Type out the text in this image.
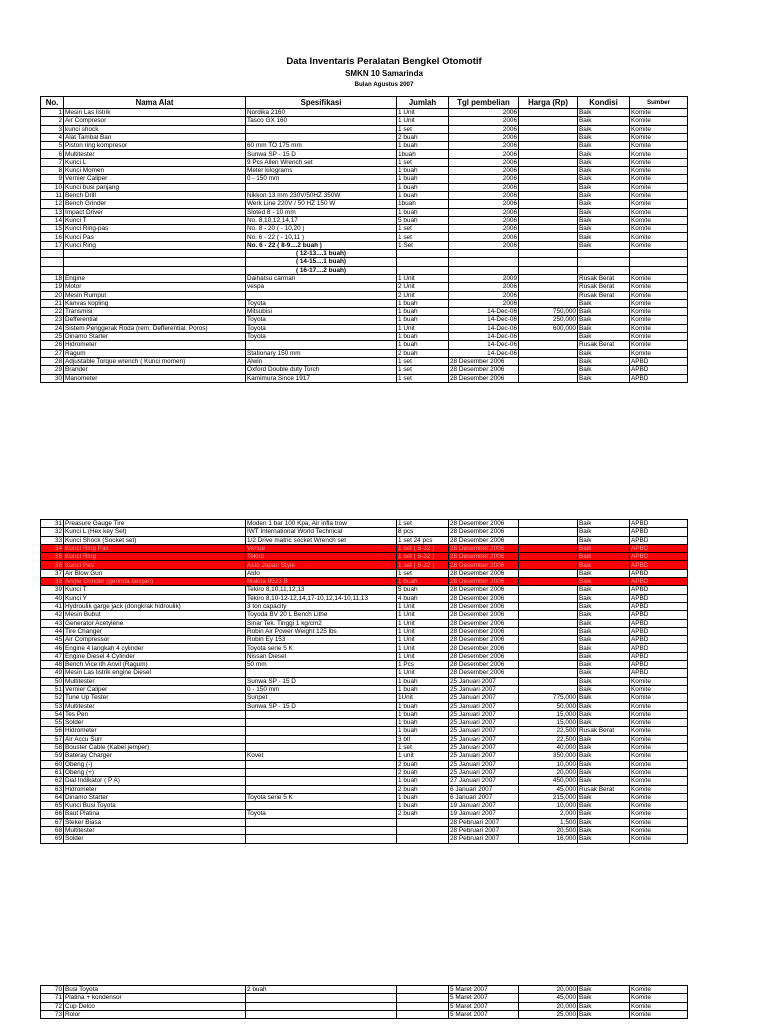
Data Inventaris Peralatan Bengkel Otomotif
SMKN 10 Samarinda
Bulan Agustus 2007
No.	Nama Alat	Spesifikasi	Jumlah	Tgl pembelian	Harga (Rp)	Kondisi	Sumber
1	Mesin Las listrik	Nordika 2160	1 Unit	2006		Baik	Komite
2	Air Compresor	Tasco GX 160	1 Unit	2006		Baik	Komite
3	kunci shock		1 set	2006		Baik	Komite
4	Alat Tambal Ban		2 buah	2006		Baik	Komite
5	Piston ring kompresor	60 mm TO 175 mm	1 buah	2006		Baik	Komite
6	Multitester	Sunwa SP - 15 D	1buah	2006		Baik	Komite
7	Kunci L	9 Pcs Allen Wrench set	1 set	2006		Baik	Komite
8	Kunci Momen	Meter kilograms	1 buah	2006		Baik	Komite
9	Vernier Caliper	0 - 150 mm	1 buah	2006		Baik	Komite
10	Kunci busi panjang		1 buah	2006		Baik	Komite
11	Bench Drill	Nikkon 13 mm 230V/50HZ 350W	1 buah	2006		Baik	Komite
12	Bench Grinder	Werk Line 220V / 50 HZ 150 W	1buah	2006		Baik	Komite
13	Impact Driver	Sloted 8 - 10 mm	1 buah	2006		Baik	Komite
14	Kunci T	No. 8,10,12,14,17	5 buah	2006		Baik	Komite
15	Kunci Ring-pas	No. 8 - 20 ( - 10,20 )	1 set	2006		Baik	Komite
16	Kunci Pas	No. 6 - 22 ( - 10,11 )	1 set	2006		Baik	Komite
17	Kunci Ring	No. 6 - 22 ( 8-9....2 buah )	1 Set	2006		Baik	Komite
		( 12-13....1 buah)					
		( 14-15....1 buah)					
		( 16-17....2 buah)					
18	Engine	Daihatsu carman	1 Unit	2009		Rusak Berat	Komite
19	Motor	vespa	2 Unit	2006		Rusak Berat	Komite
20	Mesin Rumput		2 Unit	2006		Rusak Berat	Komite
21	Kanvas kopling	Toyota	1 buah	2006		Baik	Komite
22	Transmisi	Mitsubisi	1 buah	14-Dec-06	750,000	Baik	Komite
23	Defferential	Toyota	1 buah	14-Dec-06	250,000	Baik	Komite
24	Sistem Penggerak Roda (rem. Defferential. Poros)	Toyota	1 Unit	14-Dec-06	600,000	Baik	Komite
25	Dinamo Starter	Toyota	1 buah	14-Dec-06		Baik	Komite
26	Hidrometer		1 buah	14-Dec-06		Rusak Berat	Komite
27	Ragum	Stationary 150 mm	2 buah	14-Dec-06		Baik	Komite
28	Adjustable Torque wrench ( Kunci momen)	Alwin	1 set	28 Desember 2006		Baik	APBD
29	Brander	Oxford Double duty Torch	1 set	28 Desember 2006		Baik	APBD
30	Manometer	Kamimura Since 1917	1 set	28 Desember 2006		Baik	APBD
31	Preasure Gauge Tire	Moden 1 bar 100 Kpa, Air infla trow	1 set	28 Desember 2006		Baik	APBD
32	Kunci L (Hex key Set)	IWT International World Technical	8 pcs	28 Desember 2006		Baik	APBD
33	Kunci Shock (Socket set)	1/2 Drive matric socket Wrench set	1 set 24 pcs	28 Desember 2006		Baik	APBD
34	Kunci Ring Pas	Venue	1 set ( 8-32 )	28 Desember 2006		Baik	APBD
35	Kunci Ring	Tekiro	1 set ( 6-32 )	28 Desember 2006		Baik	APBD
36	Kunci Pas	Asto Japan Style	1 set ( 6-32 )	28 Desember 2006		Baik	APBD
37	Air Blow Gun	Aldo	1 set	28 Desember 2006		Baik	APBD
38	Angle Grinder (gerinda tangan)	Makita 9523 B	1 buah	28 Desember 2006		Baik	APBD
39	Kunci T	Tekiro 8,10,11,12,13	5 buah	28 Desember 2006		Baik	APBD
40	Kunci Y	Tekiro 8,10-12-12,14,17-10,12,14-10,11,13	4 buah	28 Desember 2006		Baik	APBD
41	Hydroulik garge jack (dongkrak hidroulik)	3 ton capacity	1 Unit	28 Desember 2006		Baik	APBD
42	Mesin Bubut	Toyoda BV 20 L Bench Lithe	1 Unit	28 Desember 2006		Baik	APBD
43	Generator Acetylene	Sinar Tek. Tinggi 1 kg/cm2	1 Unit	28 Desember 2006		Baik	APBD
44	Tire Changer	Robin Air Power Weight 125 lbs	1 Unit	28 Desember 2006		Baik	APBD
45	Air Compressor	Robin Ey 153	1 Unit	28 Desember 2006		Baik	APBD
46	Engine 4 langkah 4 cylinder	Toyota serie 5 K	1 Unit	28 Desember 2006		Baik	APBD
47	Engine Diesel 4 Cylinder	Nissan Diesel	1 Unit	28 Desember 2006		Baik	APBD
48	Bench Vice ith Anvil (Ragum)	50 mm	1 Pcs	28 Desember 2006		Baik	APBD
49	Mesin Las listrik engine Diesel		1 Unit	28 Desember 2006		Baik	APBD
50	Multitester	Sunwa SP - 15 D	1 buah	25 Januari 2007		Baik	Komite
51	Vernier Caliper	0 - 150 mm	1 buah	25 Januari 2007		Baik	Komite
52	Tune Up Tester	Sunpet	1Unit	25 Januari 2007	775,000	Baik	Komite
53	Multitester	Sunwa SP - 15 D	1 buah	25 Januari 2007	50,000	Baik	Komite
54	Tes Pen		1 buah	25 Januari 2007	15,000	Baik	Komite
55	Solder		1 buah	25 Januari 2007	15,000	Baik	Komite
56	Hidrometer		1 buah	25 Januari 2007	22,500	Rusak Berat	Komite
57	Air Accu Surr		3 btl	25 Januari 2007	22,500	Baik	Komite
58	Bouster Cable (Kabel jemper)		1 set	25 Januari 2007	40,000	Baik	Komite
59	Bateray Charger	Kovet	1 unit	25 Januari 2007	350,000	Baik	Komite
60	Obeng (-)		2 buah	25 Januari 2007	10,000	Baik	Komite
61	Obeng (+)		2 buah	25 Januari 2007	20,000	Baik	Komite
62	Dial Indikator ( P A)		1 buah	27 Januari 2007	450,000	Baik	Komite
63	Hidrometer		2 buah	6 Januari 2007	45,000	Rusak Berat	Komite
64	Dinamo Starter	Toyota serie 5 K	1 buah	6 Januari 2007	215,000	Baik	Komite
65	Kunci Busi Toyota		1 buah	19 Januari 2007	10,000	Baik	Komite
66	Baut Platina	Toyota	2 buah	19 Januari 2007	2,000	Baik	Komite
67	Steker Biasa			28 Pebruari 2007	1,500	Baik	Komite
68	Multitester			28 Pebruari 2007	20,500	Baik	Komite
69	Solder			28 Pebruari 2007	16,000	Baik	Komite
70	Busi Toyota	2 buah		5 Maret 2007	20,000	Baik	Komite
71	Platina + kondensor			5 Maret 2007	45,000	Baik	Komite
72	Cup Delco			5 Maret 2007	20,000	Baik	Komite
73	Rolor			5 Maret 2007	25,000	Baik	Komite
